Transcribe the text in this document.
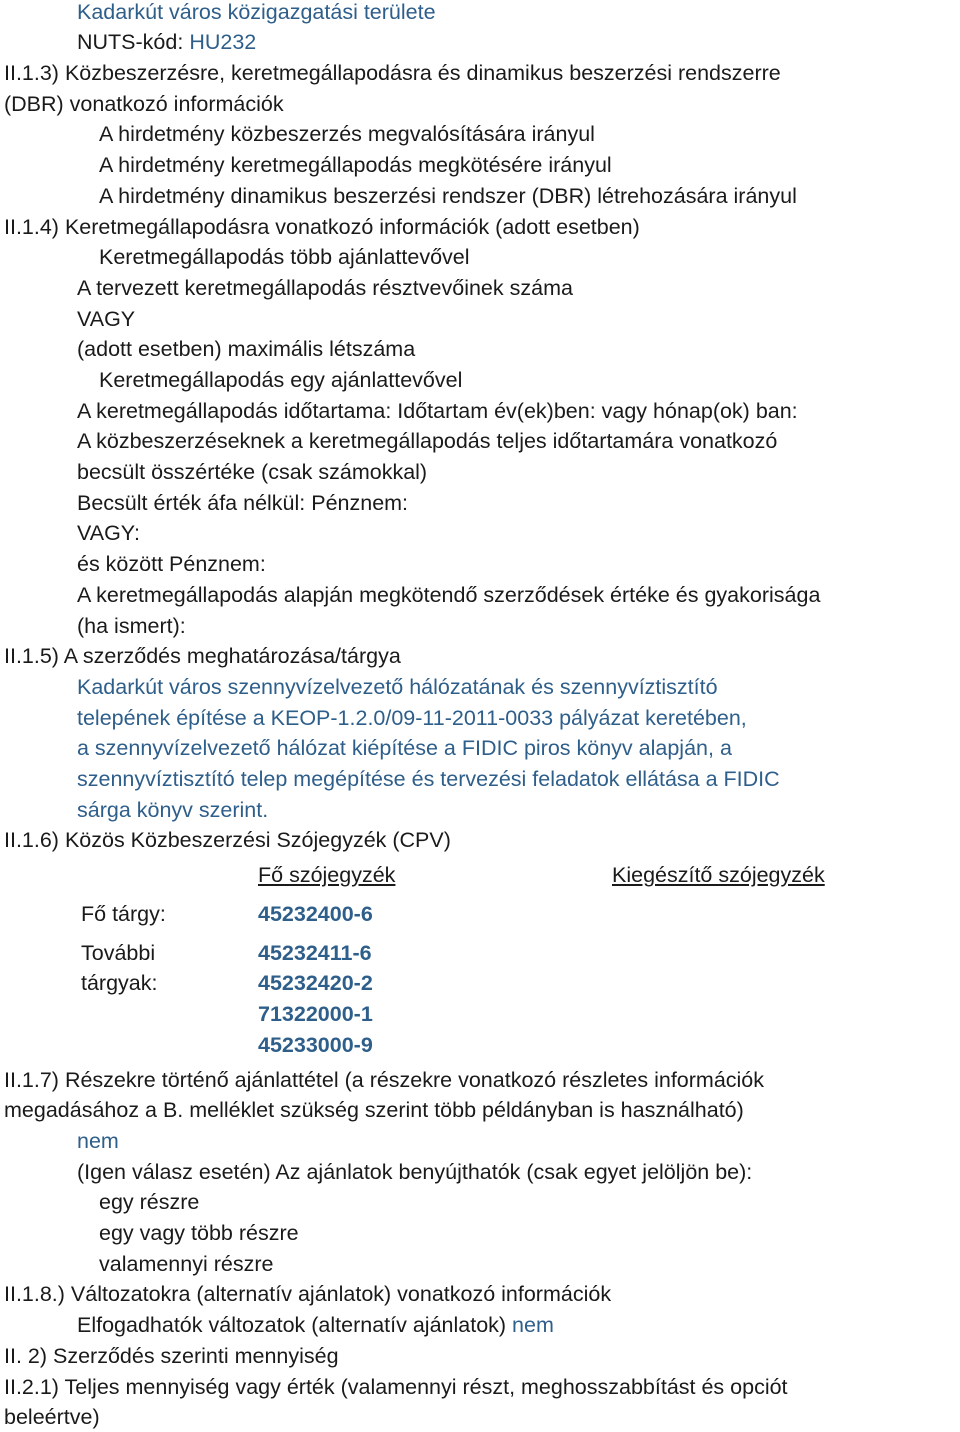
Kadarkút város közigazgatási területe
NUTS-kód: HU232
II.1.3) Közbeszerzésre, keretmegállapodásra és dinamikus beszerzési rendszerre
(DBR) vonatkozó információk
A hirdetmény közbeszerzés megvalósítására irányul
A hirdetmény keretmegállapodás megkötésére irányul
A hirdetmény dinamikus beszerzési rendszer (DBR) létrehozására irányul
II.1.4) Keretmegállapodásra vonatkozó információk (adott esetben)
Keretmegállapodás több ajánlattevővel
A tervezett keretmegállapodás résztvevőinek száma
VAGY
(adott esetben) maximális létszáma
Keretmegállapodás egy ajánlattevővel
A keretmegállapodás időtartama: Időtartam év(ek)ben: vagy hónap(ok) ban:
A közbeszerzéseknek a keretmegállapodás teljes időtartamára vonatkozó
becsült összértéke (csak számokkal)
Becsült érték áfa nélkül: Pénznem:
VAGY:
és között Pénznem:
A keretmegállapodás alapján megkötendő szerződések értéke és gyakorisága
(ha ismert):
II.1.5) A szerződés meghatározása/tárgya
Kadarkút város szennyvízelvezető hálózatának és szennyvíztisztító
telepének építése a KEOP-1.2.0/09-11-2011-0033 pályázat keretében,
a szennyvízelvezető hálózat kiépítése a FIDIC piros könyv alapján, a
szennyvíztisztító telep megépítése és tervezési feladatok ellátása a FIDIC
sárga könyv szerint.
II.1.6) Közös Közbeszerzési Szójegyzék (CPV)
Fő szójegyzék	Kiegészítő szójegyzék
Fő tárgy:	45232400-6
További
tárgyak:
45232411-6
45232420-2
71322000-1
45233000-9
II.1.7) Részekre történő ajánlattétel (a részekre vonatkozó részletes információk
megadásához a B. melléklet szükség szerint több példányban is használható)
nem
(Igen válasz esetén) Az ajánlatok benyújthatók (csak egyet jelöljön be):
egy részre
egy vagy több részre
valamennyi részre
II.1.8.) Változatokra (alternatív ajánlatok) vonatkozó információk
Elfogadhatók változatok (alternatív ajánlatok) nem
II. 2) Szerződés szerinti mennyiség
II.2.1) Teljes mennyiség vagy érték (valamennyi részt, meghosszabbítást és opciót
beleértve)
